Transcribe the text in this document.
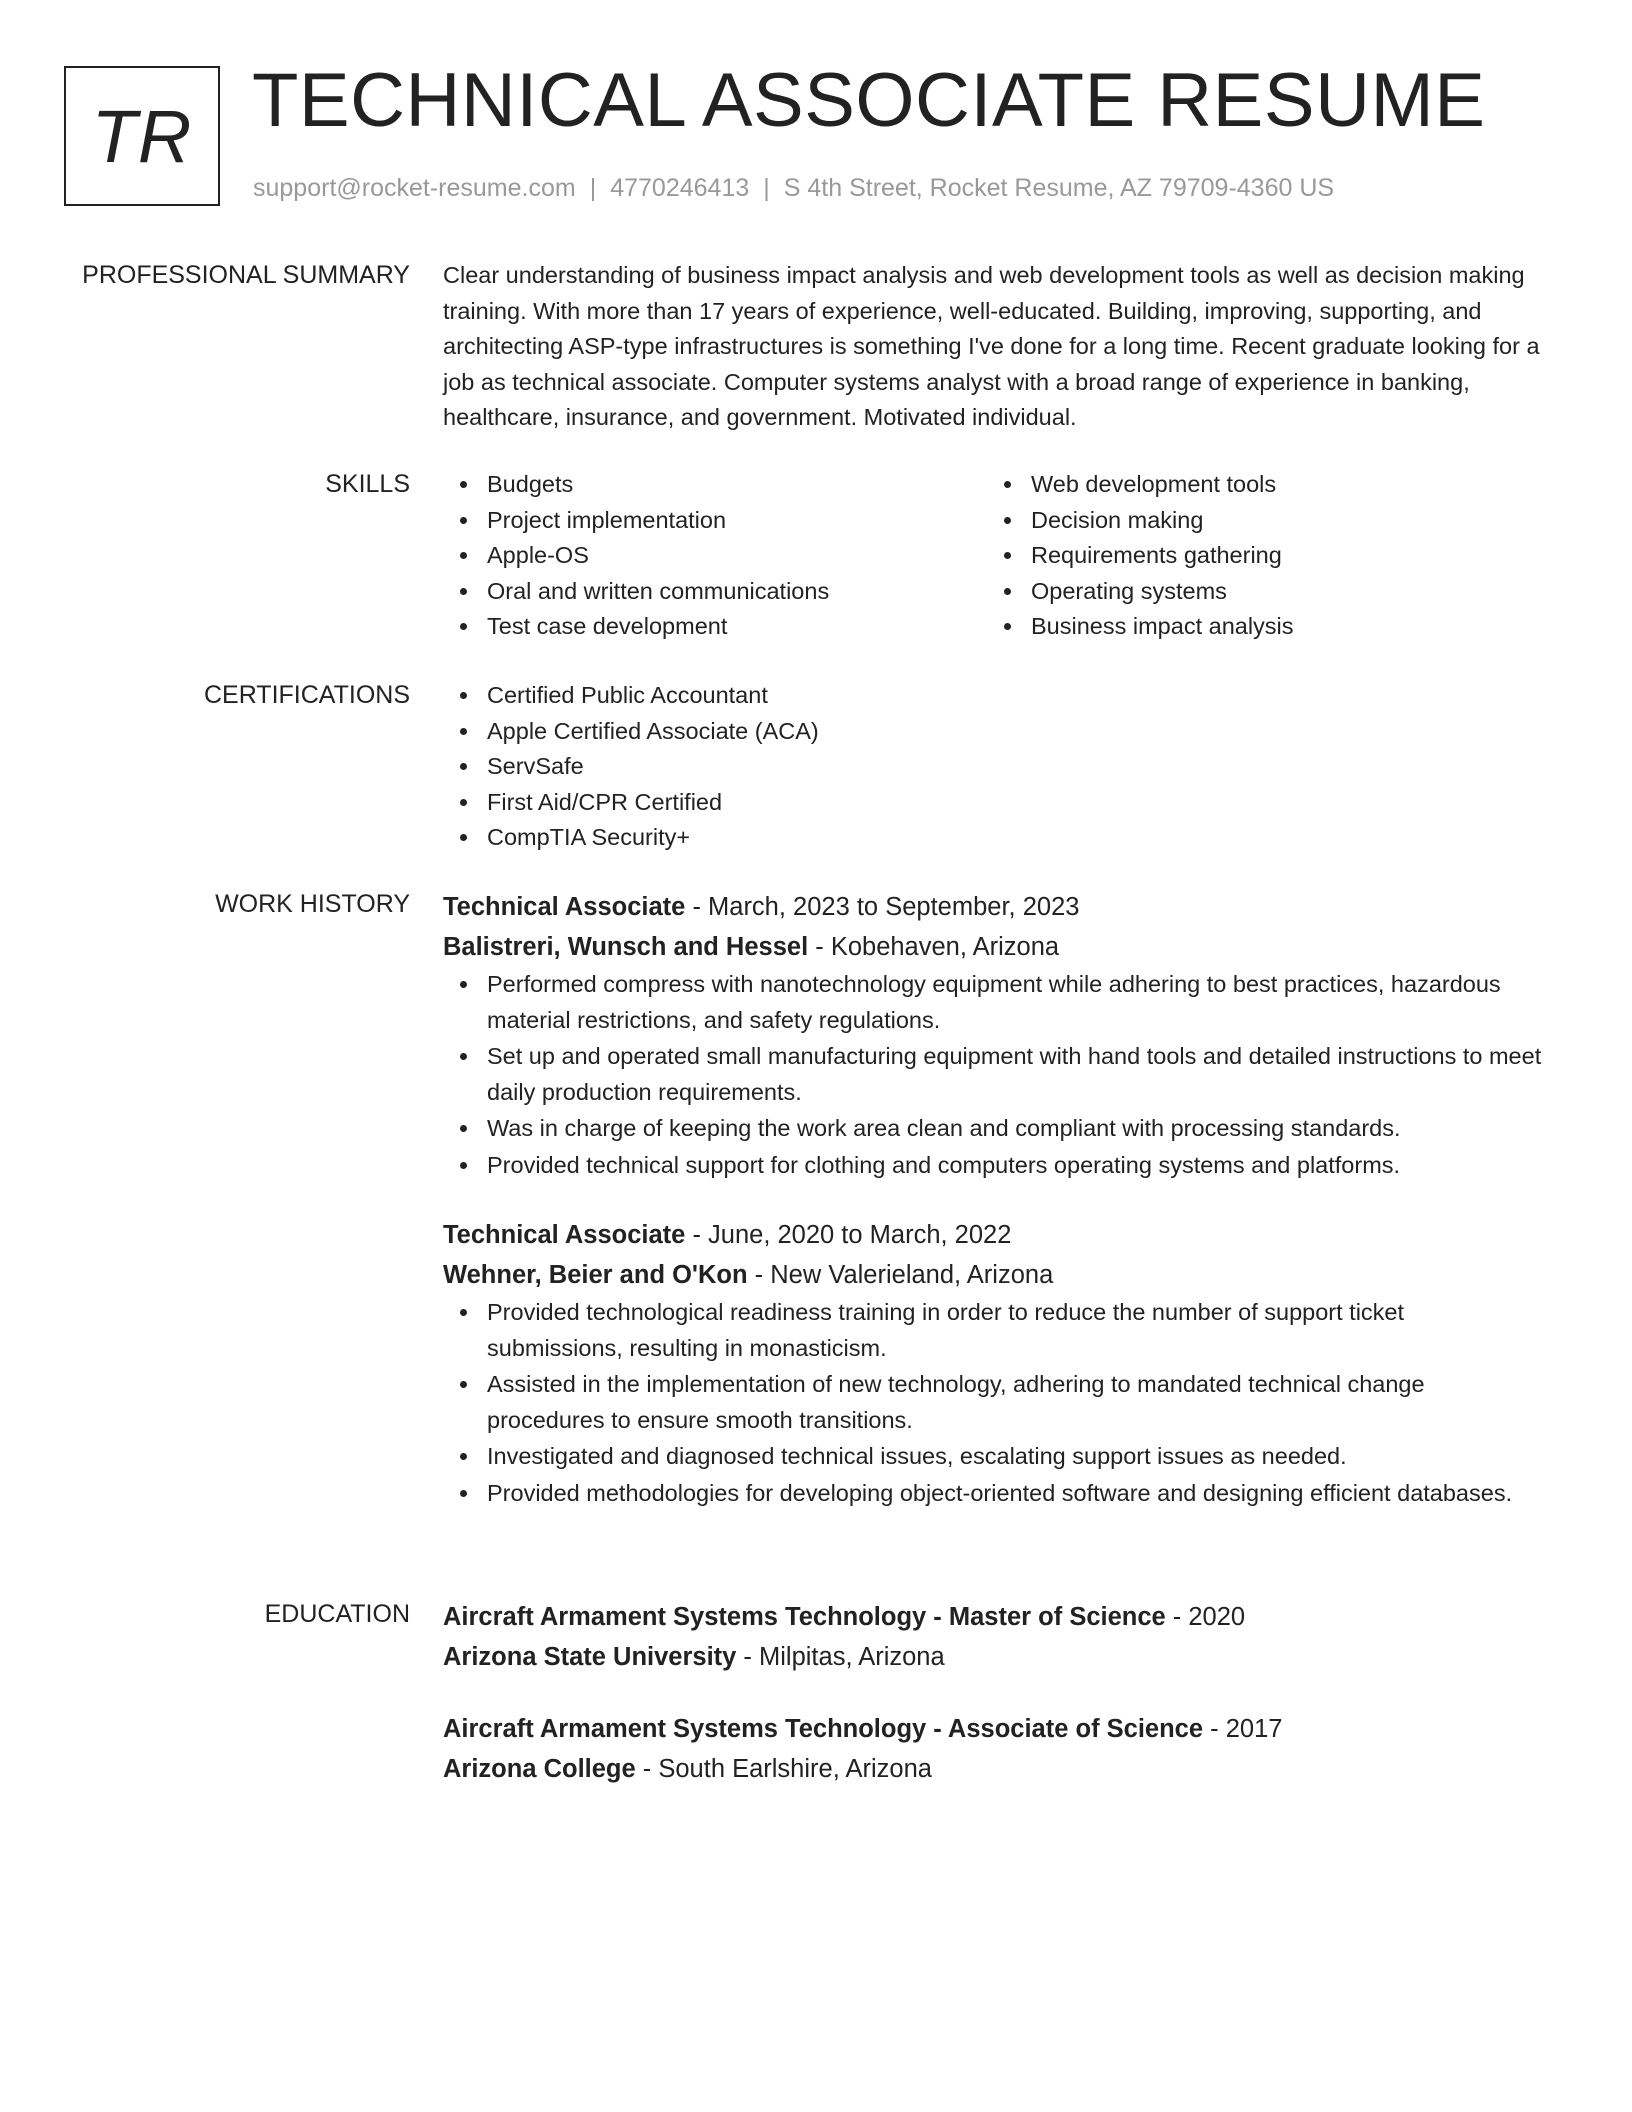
TR TECHNICAL ASSOCIATE RESUME
support@rocket-resume.com | 4770246413 | S 4th Street, Rocket Resume, AZ 79709-4360 US
PROFESSIONAL SUMMARY Clear understanding of business impact analysis and web development tools as well as decision making training. With more than 17 years of experience, well-educated. Building, improving, supporting, and architecting ASP-type infrastructures is something I've done for a long time. Recent graduate looking for a job as technical associate. Computer systems analyst with a broad range of experience in banking, healthcare, insurance, and government. Motivated individual.

SKILLS	Budgets
Project implementation
Apple-OS
Oral and written communications
Test case development
Web development tools
Decision making
Requirements gathering
Operating systems
Business impact analysis
CERTIFICATIONS	Certified Public Accountant
Apple Certified Associate (ACA)
ServSafe
First Aid/CPR Certified
CompTIA Security+
WORK HISTORY Technical Associate - March, 2023 to September, 2023
Balistreri, Wunsch and Hessel - Kobehaven, Arizona
Performed compress with nanotechnology equipment while adhering to best practices, hazardous material restrictions, and safety regulations.
Set up and operated small manufacturing equipment with hand tools and detailed instructions to meet daily production requirements.
Was in charge of keeping the work area clean and compliant with processing standards.
Provided technical support for clothing and computers operating systems and platforms.
Technical Associate - June, 2020 to March, 2022
Wehner, Beier and O'Kon - New Valerieland, Arizona
Provided technological readiness training in order to reduce the number of support ticket submissions, resulting in monasticism.
Assisted in the implementation of new technology, adhering to mandated technical change procedures to ensure smooth transitions.
Investigated and diagnosed technical issues, escalating support issues as needed.
Provided methodologies for developing object-oriented software and designing efficient databases.
EDUCATION Aircraft Armament Systems Technology - Master of Science - 2020
Arizona State University - Milpitas, Arizona
Aircraft Armament Systems Technology - Associate of Science - 2017
Arizona College - South Earlshire, Arizona
